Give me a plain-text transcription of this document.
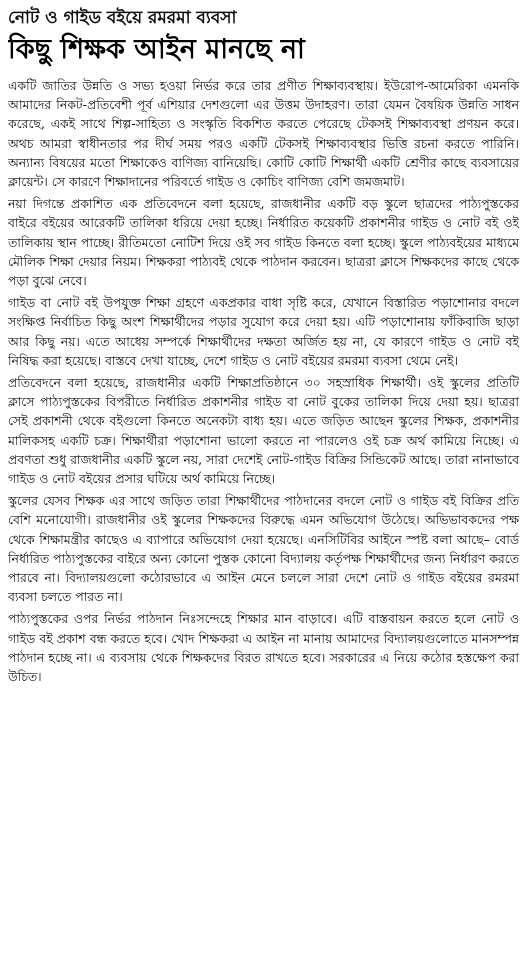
নোট ও গাইড বইয়ে রমরমা ব্যবসা
কিছু শিক্ষক আইন মানছে না

একটি জাতির উন্নতি ও সভ্য হওয়া নির্ভর করে তার প্রণীত শিক্ষাব্যবস্থায়। ইউরোপ-আমেরিকা এমনকি আমাদের নিকট-প্রতিবেশী পূর্ব এশিয়ার দেশগুলো এর উত্তম উদাহরণ। তারা যেমন বৈষয়িক উন্নতি সাধন করেছে, একই সাথে শিল্প-সাহিত্য ও সংস্কৃতি বিকশিত করতে পেরেছে টেকসই শিক্ষাব্যবস্থা প্রণয়ন করে। অথচ আমরা স্বাধীনতার পর দীর্ঘ সময় পরও একটি টেকসই শিক্ষাব্যবস্থার ভিত্তি রচনা করতে পারিনি। অন্যান্য বিষয়ের মতো শিক্ষাকেও বাণিজ্য বানিয়েছি। কোটি কোটি শিক্ষার্থী একটি শ্রেণীর কাছে ব্যবসায়ের ক্লায়েন্ট। সে কারণে শিক্ষাদানের পরিবর্তে গাইড ও কোচিং বাণিজ্য বেশি জমজমাট।

নয়া দিগন্তে প্রকাশিত এক প্রতিবেদনে বলা হয়েছে, রাজধানীর একটি বড় স্কুলে ছাত্রদের পাঠ্যপুস্তকের বাইরে বইয়ের আরেকটি তালিকা ধরিয়ে দেয়া হচ্ছে। নির্ধারিত কয়েকটি প্রকাশনীর গাইড ও নোট বই ওই তালিকায় স্থান পাচ্ছে। রীতিমতো নোটিশ দিয়ে ওই সব গাইড কিনতে বলা হচ্ছে। স্কুলে পাঠ্যবইয়ের মাধ্যমে মৌলিক শিক্ষা দেয়ার নিয়ম। শিক্ষকরা পাঠ্যবই থেকে পাঠদান করবেন। ছাত্ররা ক্লাসে শিক্ষকদের কাছে থেকে পড়া বুঝে নেবে।

গাইড বা নোট বই উপযুক্ত শিক্ষা গ্রহণে একপ্রকার বাধা সৃষ্টি করে, যেখানে বিস্তারিত পড়াশোনার বদলে সংক্ষিপ্ত নির্বাচিত কিছু অংশ শিক্ষার্থীদের পড়ার সুযোগ করে দেয়া হয়। এটি পড়াশোনায় ফাঁকিবাজি ছাড়া আর কিছু নয়। এতে আধেয় সম্পর্কে শিক্ষার্থীদের দক্ষতা অর্জিত হয় না, যে কারণে গাইড ও নোট বই নিষিদ্ধ করা হয়েছে। বাস্তবে দেখা যাচ্ছে, দেশে গাইড ও নোট বইয়ের রমরমা ব্যবসা থেমে নেই।

প্রতিবেদনে বলা হয়েছে, রাজধানীর একটি শিক্ষাপ্রতিষ্ঠানে ৩০ সহস্রাধিক শিক্ষার্থী। ওই স্কুলের প্রতিটি ক্লাসে পাঠ্যপুস্তকের বিপরীতে নির্ধারিত প্রকাশনীর গাইড বা নোট বুকের তালিকা দিয়ে দেয়া হয়। ছাত্ররা সেই প্রকাশনী থেকে বইগুলো কিনতে অনেকটা বাধ্য হয়। এতে জড়িত আছেন স্কুলের শিক্ষক, প্রকাশনীর মালিকসহ একটি চক্র। শিক্ষার্থীরা পড়াশোনা ভালো করতে না পারলেও ওই চক্র অর্থ কামিয়ে নিচ্ছে। এ প্রবণতা শুধু রাজধানীর একটি স্কুলে নয়, সারা দেশেই নোট-গাইড বিক্রির সিন্ডিকেট আছে। তারা নানাভাবে গাইড ও নোট বইয়ের প্রসার ঘটিয়ে অর্থ কামিয়ে নিচ্ছে।

স্কুলের যেসব শিক্ষক এর সাথে জড়িত তারা শিক্ষার্থীদের পাঠদানের বদলে নোট ও গাইড বই বিক্রির প্রতি বেশি মনোযোগী। রাজধানীর ওই স্কুলের শিক্ষকদের বিরুদ্ধে এমন অভিযোগ উঠেছে। অভিভাবকদের পক্ষ থেকে শিক্ষামন্ত্রীর কাছেও এ ব্যাপারে অভিযোগ দেয়া হয়েছে। এনসিটিবির আইনে স্পষ্ট বলা আছে– বোর্ড নির্ধারিত পাঠ্যপুস্তকের বাইরে অন্য কোনো পুস্তক কোনো বিদ্যালয় কর্তৃপক্ষ শিক্ষার্থীদের জন্য নির্ধারণ করতে পারবে না। বিদ্যালয়গুলো কঠোরভাবে এ আইন মেনে চললে সারা দেশে নোট ও গাইড বইয়ের রমরমা ব্যবসা চলতে পারত না।

পাঠ্যপুস্তকের ওপর নির্ভর পাঠদান নিঃসন্দেহে শিক্ষার মান বাড়াবে। এটি বাস্তবায়ন করতে হলে নোট ও গাইড বই প্রকাশ বন্ধ করতে হবে। খোদ শিক্ষকরা এ আইন না মানায় আমাদের বিদ্যালয়গুলোতে মানসম্পন্ন পাঠদান হচ্ছে না। এ ব্যবসায় থেকে শিক্ষকদের বিরত রাখতে হবে। সরকারের এ নিয়ে কঠোর হস্তক্ষেপ করা উচিত।
